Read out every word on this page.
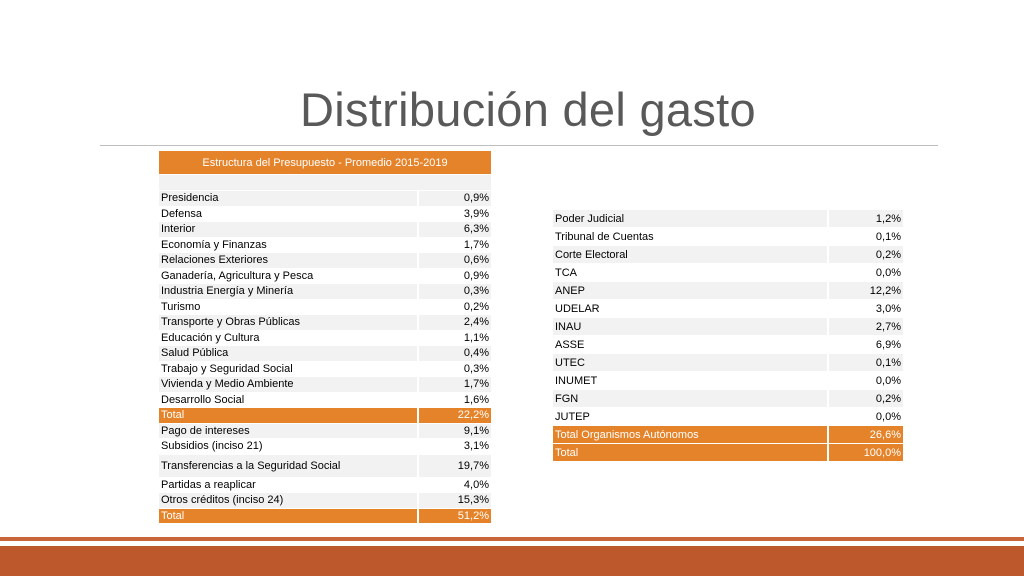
Distribución del gasto
Estructura del Presupuesto - Promedio 2015-2019	

Presidencia	0,9%
Defensa	3,9%
Interior	6,3%
Economía y Finanzas	1,7%
Relaciones Exteriores	0,6%
Ganadería, Agricultura y Pesca	0,9%
Industria Energía y Minería	0,3%
Turismo	0,2%
Transporte y Obras Públicas	2,4%
Educación y Cultura	1,1%
Salud Pública	0,4%
Trabajo y Seguridad Social	0,3%
Vivienda y Medio Ambiente	1,7%
Desarrollo Social	1,6%
Total	22,2%
Pago de intereses	9,1%
Subsidios (inciso 21)	3,1%
Transferencias a la Seguridad Social	19,7%
Partidas a reaplicar	4,0%
Otros créditos (inciso 24)	15,3%
Total	51,2%
Poder Judicial	1,2%
Tribunal de Cuentas	0,1%
Corte Electoral	0,2%
TCA	0,0%
ANEP	12,2%
UDELAR	3,0%
INAU	2,7%
ASSE	6,9%
UTEC	0,1%
INUMET	0,0%
FGN	0,2%
JUTEP	0,0%
Total Organismos Autónomos	26,6%
Total	100,0%
